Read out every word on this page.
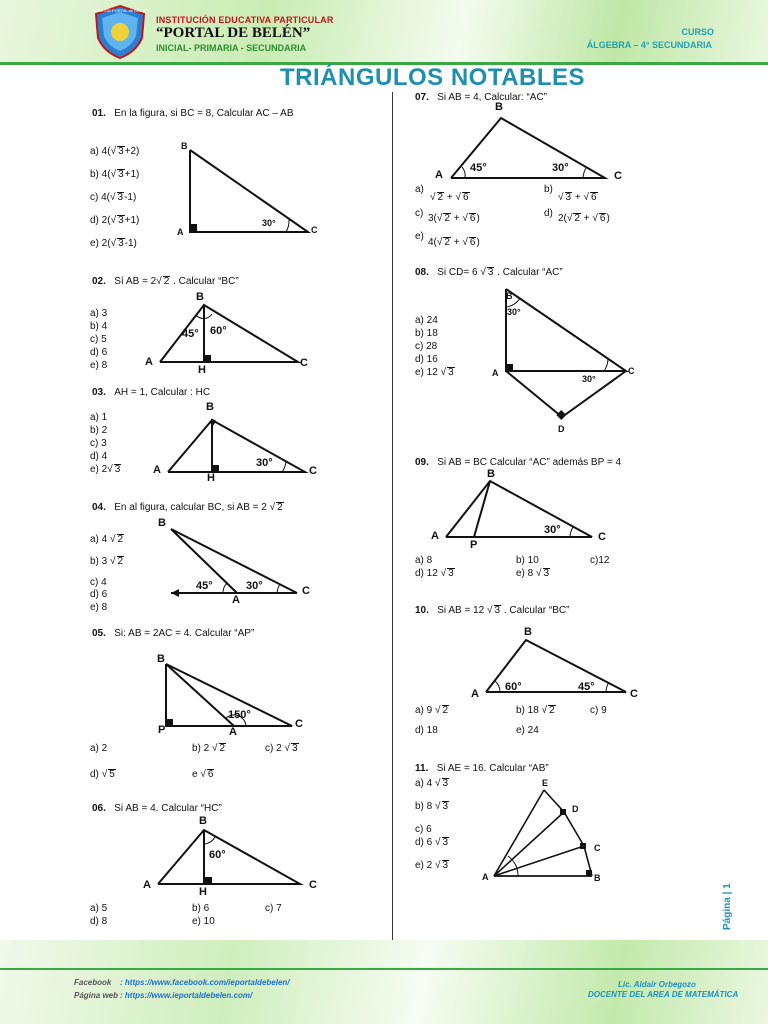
COLEGIO PORTAL de BELÉN
INSTITUCIÓN EDUCATIVA PARTICULAR
“PORTAL DE BELÉN”
INICIAL- PRIMARIA - SECUNDARIA
CURSO
ÁLGEBRA – 4° SECUNDARIA
TRIÁNGULOS NOTABLES
01. En la figura, si BC = 8, Calcular AC – AB
a) 4(√ 3+2)
b) 4(√ 3+1)
c) 4(√ 3-1)
d) 2(√ 3+1)
e) 2(√ 3-1)
B
A	C
30°
02. Sí AB = 2√ 2 . Calcular “BC”
a) 3
b) 4
c) 5
d) 6
e) 8
B
A	C
H
45° 60°
03. AH = 1, Calcular : HC
a) 1
b) 2
c) 3
d) 4
e) 2√ 3
B
A	C
H
30°
04. En al figura, calcular BC, si AB = 2 √ 2
a) 4 √ 2
b) 3 √ 2
c) 4
d) 6
e) 8
B
A
C
45°	30°
05. Si: AB = 2AC = 4. Calcular “AP”
B
P	A
C
150°
a) 2	b) 2 √ 2	c) 2 √ 3
d) √ 5	e √ 6
06. Si AB = 4. Calcular “HC”
B
A	C
H
60°
a) 5	b) 6	c) 7
d) 8	e) 10
07. Si AB = 4, Calcular: “AC”
B
A	C
45°	30°
a)
√ 2 + √ 6
b)
√ 3 + √ 6
c) 3(√ 2 + √ 6)	d) 2(√ 2 + √ 6)
e)
4(√ 2 + √ 6)
08. Si CD= 6 √ 3 . Calcular “AC”
a) 24
b) 18
c) 28
d) 16
e) 12 √ 3
B
A	C
D
30°
30°
09. Si AB = BC Calcular “AC” además BP = 4
B
A	C
P
30°
a) 8	b) 10	c)12
d) 12 √ 3	e) 8 √ 3
10. Si AB = 12 √ 3 . Calcular “BC”
B
A	C
60°	45°
a) 9 √ 2	b) 18 √ 2	c) 9
d) 18	e) 24
11. Si AE = 16. Calcular “AB”
a) 4 √ 3
b) 8 √ 3
c) 6
d) 6 √ 3
e) 2 √ 3
E
D
C
B
A
Página | 1
Facebook : https://www.facebook.com/ieportaldebelen/
Página web : https://www.ieportaldebelen.com/
Lic. Aldair Orbegozo
DOCENTE DEL AREA DE MATEMÁTICA
